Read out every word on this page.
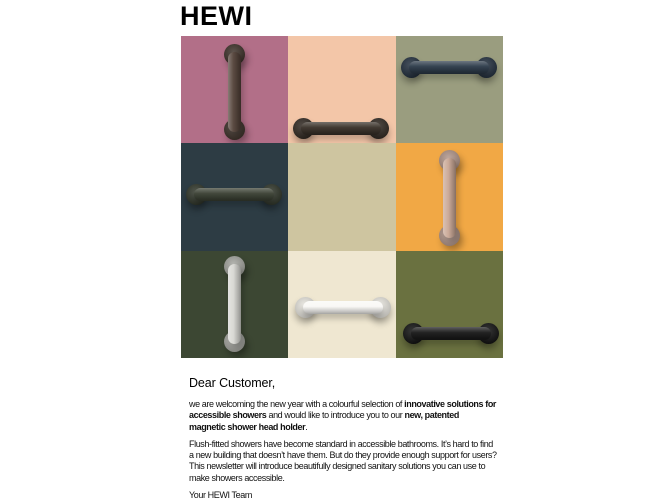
HEWI
Dear Customer,

we are welcoming the new year with a colourful selection of innovative solutions for accessible showers and would like to introduce you to our new, patented magnetic shower head holder.

Flush-fitted showers have become standard in accessible bathrooms. It’s hard to find a new building that doesn’t have them. But do they provide enough support for users? This newsletter will introduce beautifully designed sanitary solutions you can use to make showers accessible.

Your HEWI Team
